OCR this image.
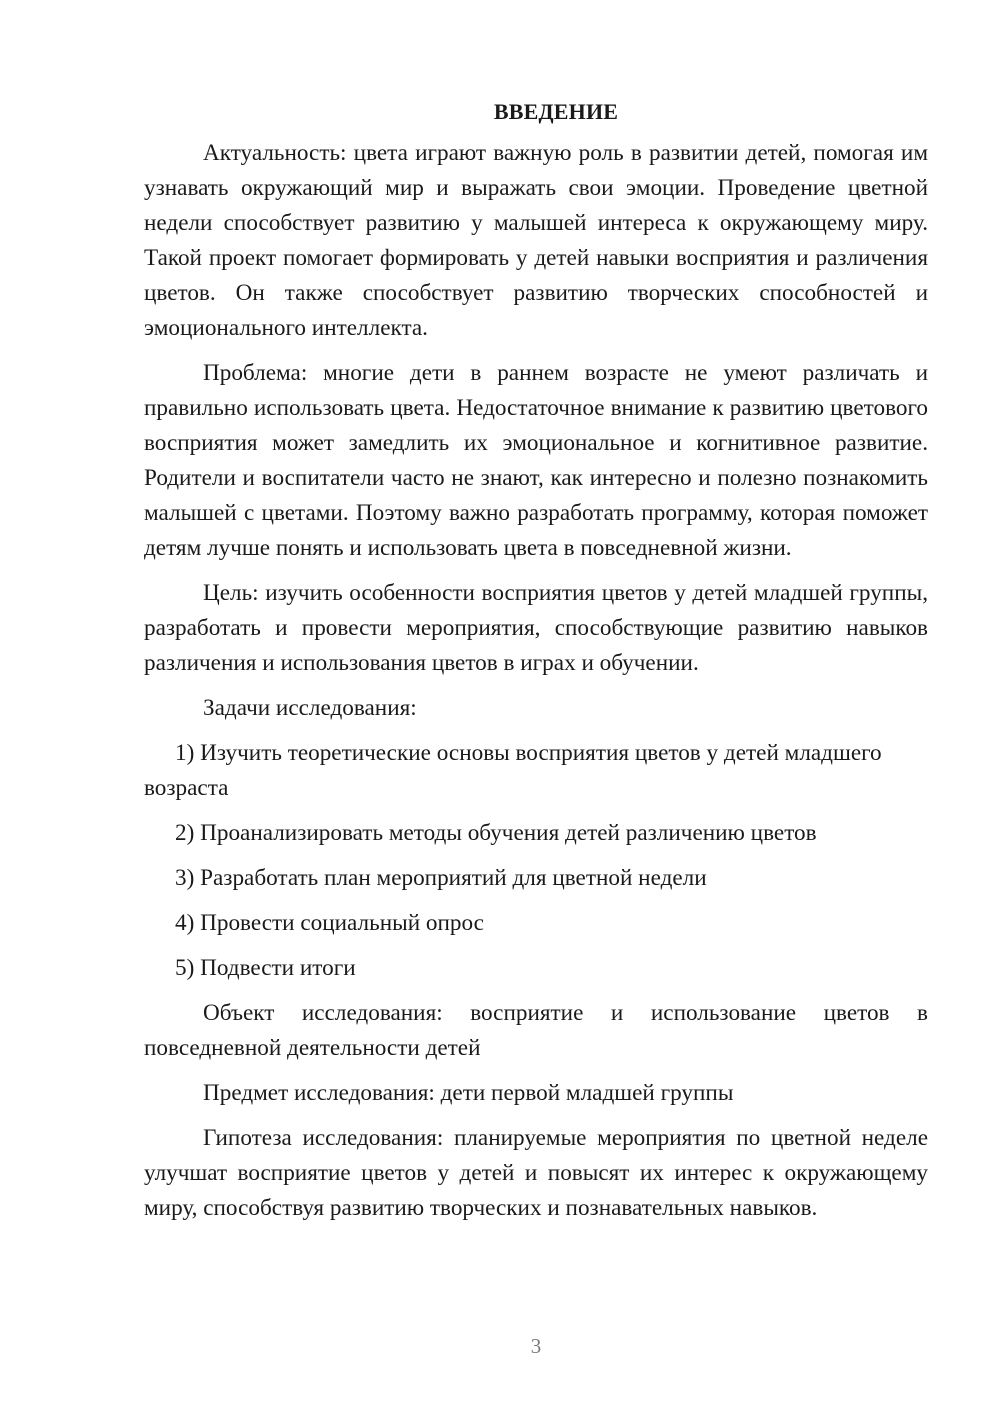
ВВЕДЕНИЕ

Актуальность: цвета играют важную роль в развитии детей, помогая им узнавать окружающий мир и выражать свои эмоции. Проведение цветной недели способствует развитию у малышей интереса к окружающему миру. Такой проект помогает формировать у детей навыки восприятия и различения цветов. Он также способствует развитию творческих способностей и эмоционального интеллекта.

Проблема: многие дети в раннем возрасте не умеют различать и правильно использовать цвета. Недостаточное внимание к развитию цветового восприятия может замедлить их эмоциональное и когнитивное развитие. Родители и воспитатели часто не знают, как интересно и полезно познакомить малышей с цветами. Поэтому важно разработать программу, которая поможет детям лучше понять и использовать цвета в повседневной жизни.

Цель: изучить особенности восприятия цветов у детей младшей группы, разработать и провести мероприятия, способствующие развитию навыков различения и использования цветов в играх и обучении.

Задачи исследования:

1) Изучить теоретические основы восприятия цветов у детей младшего возраста

2) Проанализировать методы обучения детей различению цветов

3) Разработать план мероприятий для цветной недели

4) Провести социальный опрос

5) Подвести итоги

Объект исследования: восприятие и использование цветов в повседневной деятельности детей

Предмет исследования: дети первой младшей группы

Гипотеза исследования: планируемые мероприятия по цветной неделе улучшат восприятие цветов у детей и повысят их интерес к окружающему миру, способствуя развитию творческих и познавательных навыков.

3
